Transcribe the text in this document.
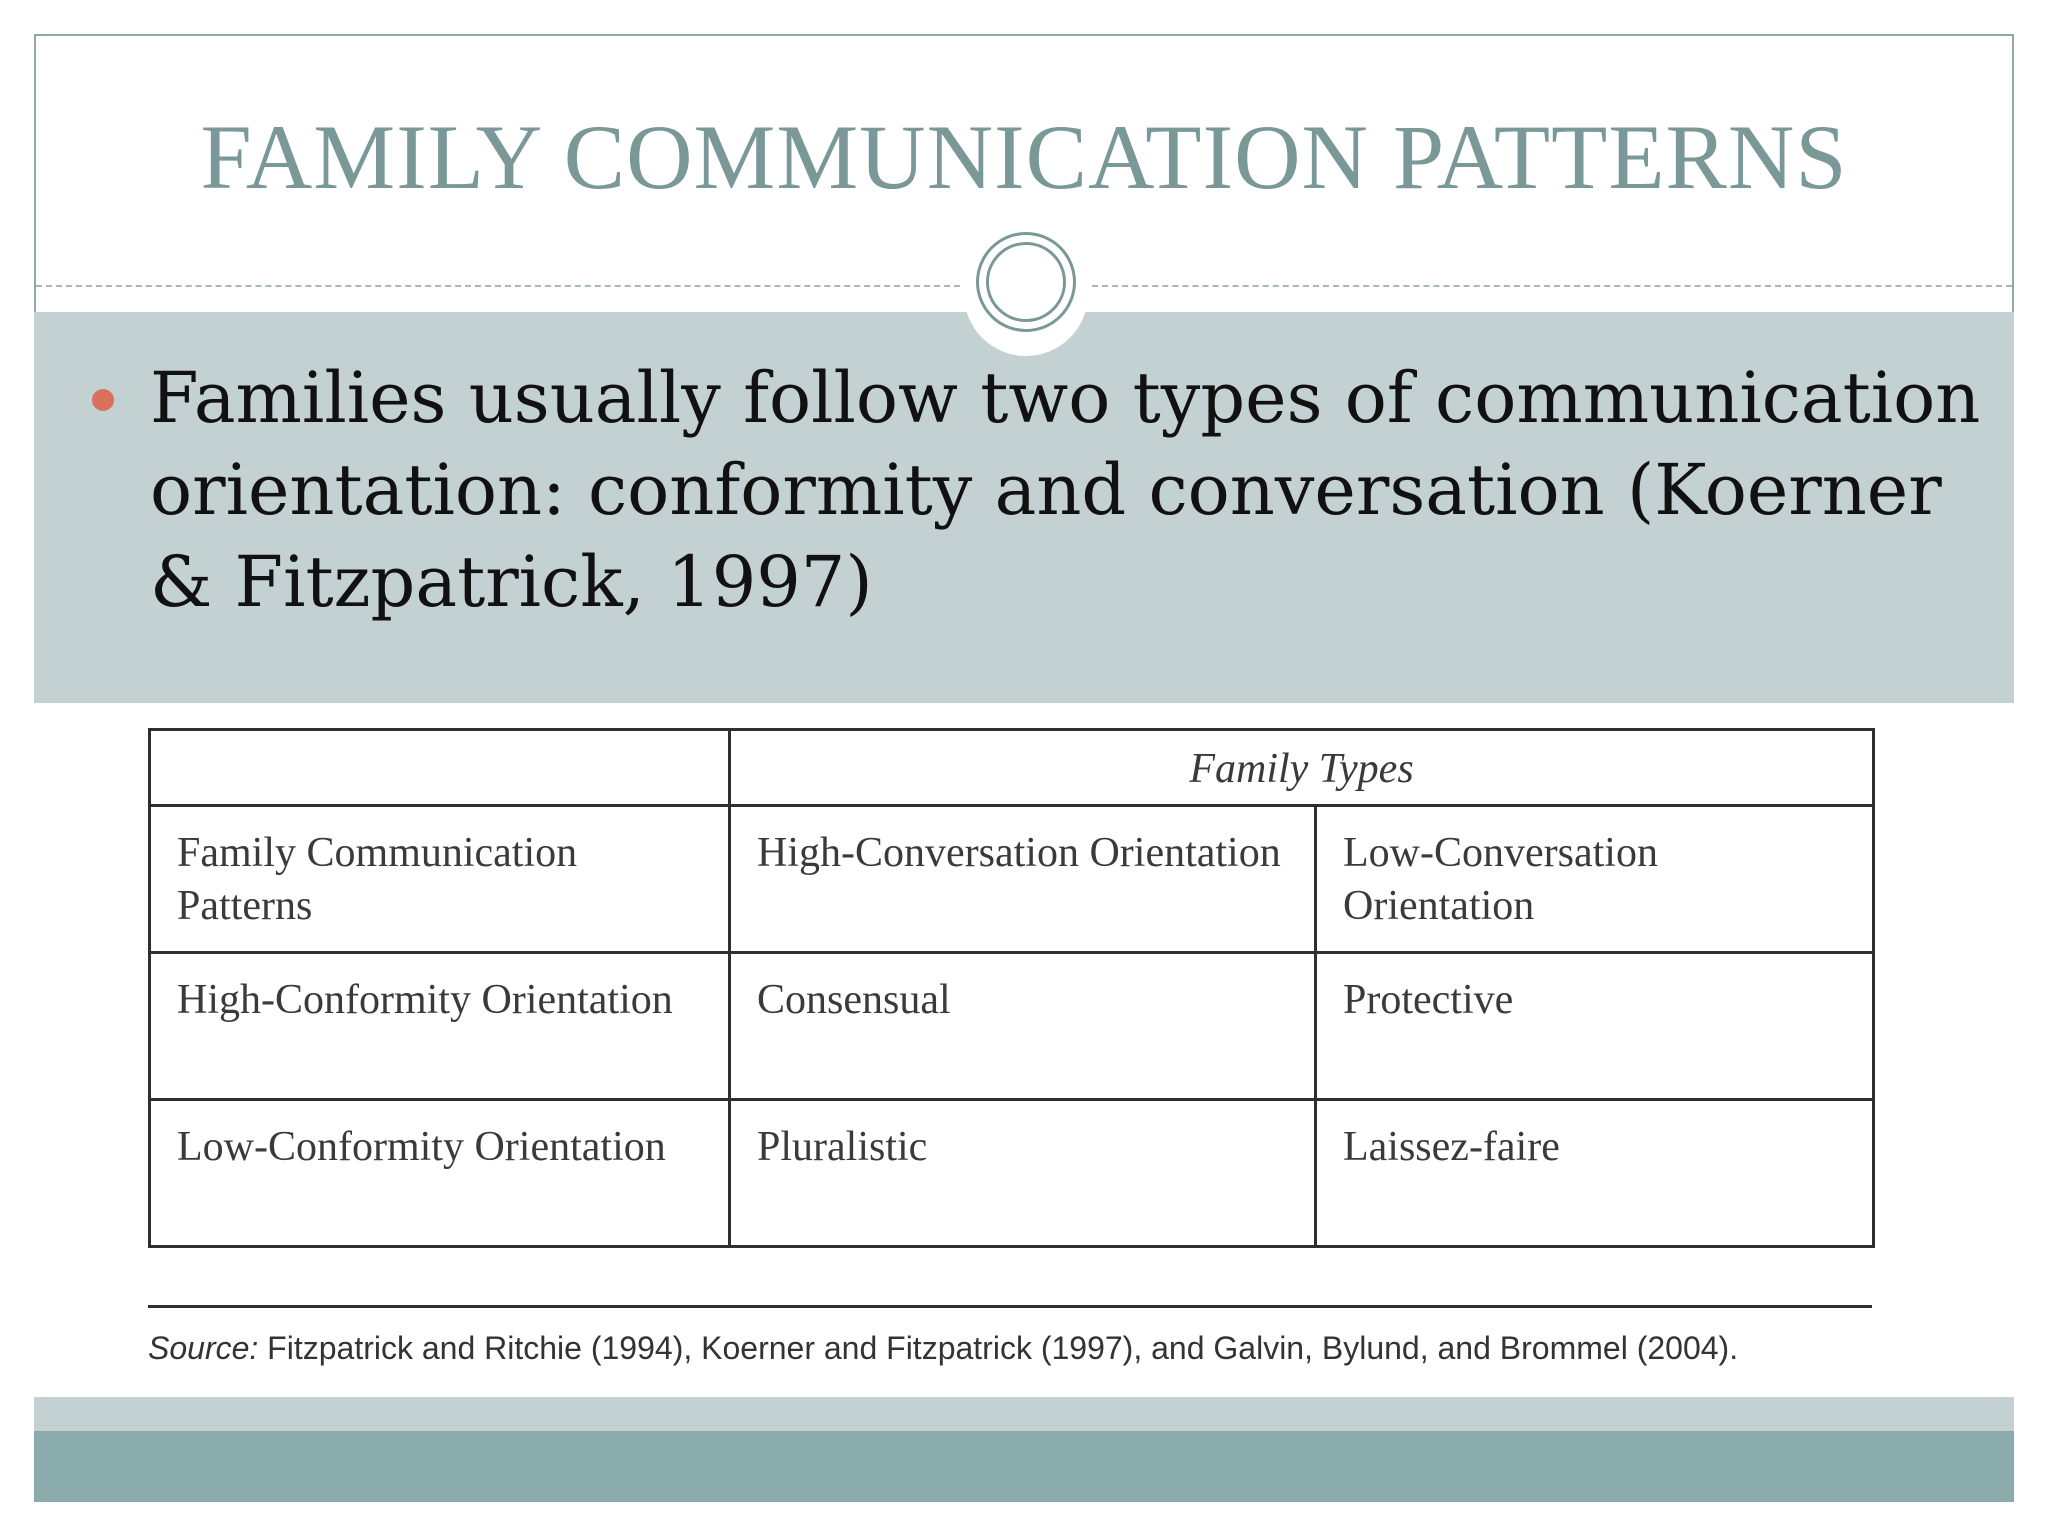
FAMILY COMMUNICATION PATTERNS
Families usually follow two types of communication orientation: conformity and conversation (Koerner & Fitzpatrick, 1997)
	Family Types	
Family Communication Patterns	High-Conversation Orientation	Low-Conversation Orientation
High-Conformity Orientation	Consensual	Protective
Low-Conformity Orientation	Pluralistic	Laissez-faire
Source: Fitzpatrick and Ritchie (1994), Koerner and Fitzpatrick (1997), and Galvin, Bylund, and Brommel (2004).
